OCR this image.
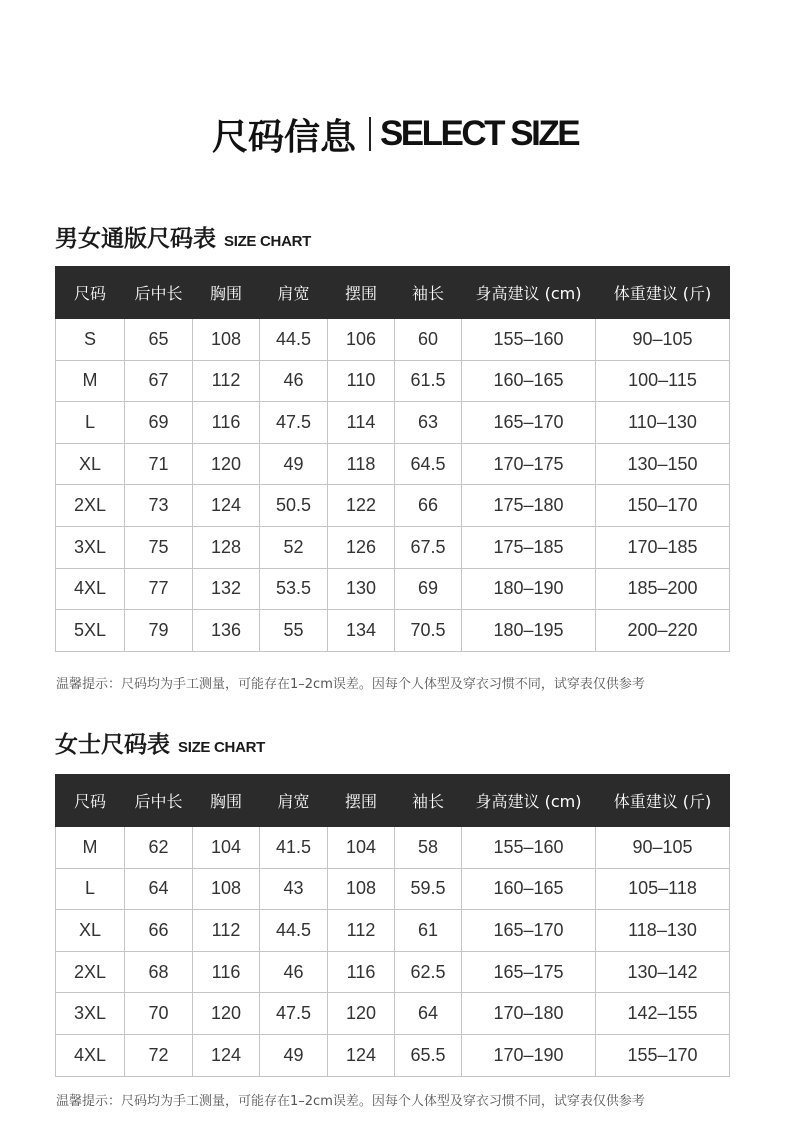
尺码信息 SELECT SIZE
男女通版尺码表 SIZE CHART
尺码	后中长	胸围	肩宽	摆围	袖长	身高建议 (cm)	体重建议 (斤)
S	65	108	44.5	106	60	155–160	90–105
M	67	112	46	110	61.5	160–165	100–115
L	69	116	47.5	114	63	165–170	110–130
XL	71	120	49	118	64.5	170–175	130–150
2XL	73	124	50.5	122	66	175–180	150–170
3XL	75	128	52	126	67.5	175–185	170–185
4XL	77	132	53.5	130	69	180–190	185–200
5XL	79	136	55	134	70.5	180–195	200–220
温馨提示：尺码均为手工测量，可能存在1–2cm误差。因每个人体型及穿衣习惯不同，试穿表仅供参考
女士尺码表 SIZE CHART
尺码	后中长	胸围	肩宽	摆围	袖长	身高建议 (cm)	体重建议 (斤)
M	62	104	41.5	104	58	155–160	90–105
L	64	108	43	108	59.5	160–165	105–118
XL	66	112	44.5	112	61	165–170	118–130
2XL	68	116	46	116	62.5	165–175	130–142
3XL	70	120	47.5	120	64	170–180	142–155
4XL	72	124	49	124	65.5	170–190	155–170
温馨提示：尺码均为手工测量，可能存在1–2cm误差。因每个人体型及穿衣习惯不同，试穿表仅供参考
